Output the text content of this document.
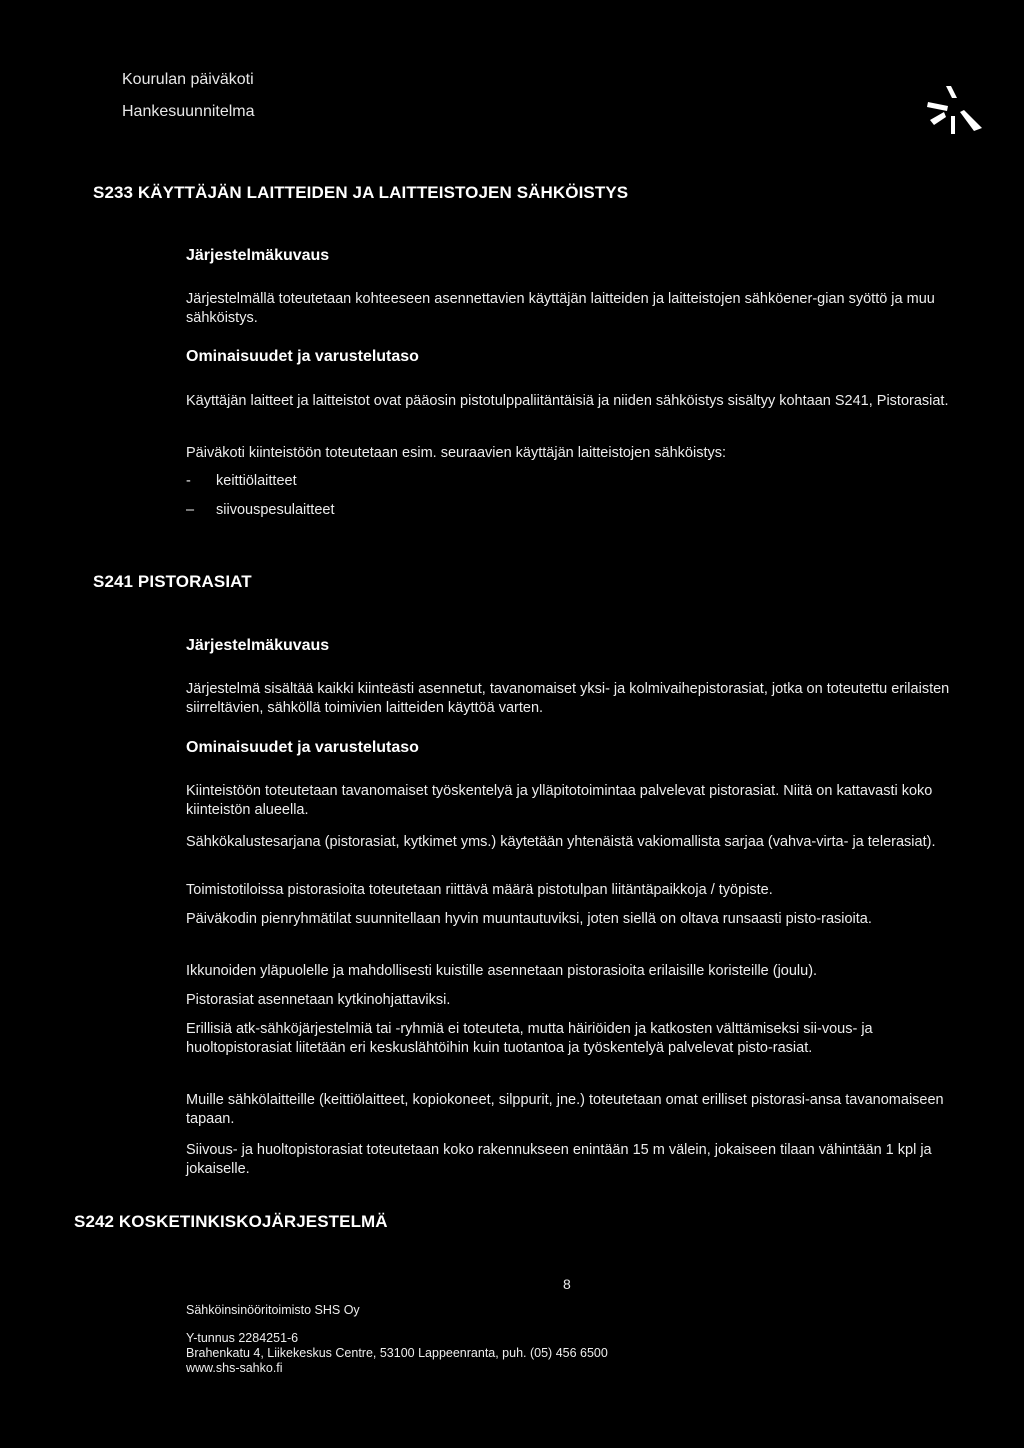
Kourulan päiväkoti
Hankesuunnitelma
S233 KÄYTTÄJÄN LAITTEIDEN JA LAITTEISTOJEN SÄHKÖISTYS
Järjestelmäkuvaus
Järjestelmällä toteutetaan kohteeseen asennettavien käyttäjän laitteiden ja laitteistojen sähköener-gian syöttö ja muu sähköistys.
Ominaisuudet ja varustelutaso
Käyttäjän laitteet ja laitteistot ovat pääosin pistotulppaliitäntäisiä ja niiden sähköistys sisältyy kohtaan S241, Pistorasiat.
Päiväkoti kiinteistöön toteutetaan esim. seuraavien käyttäjän laitteistojen sähköistys:
- keittiölaitteet
– siivouspesulaitteet
S241 PISTORASIAT
Järjestelmäkuvaus
Järjestelmä sisältää kaikki kiinteästi asennetut, tavanomaiset yksi- ja kolmivaihepistorasiat, jotka on toteutettu erilaisten siirreltävien, sähköllä toimivien laitteiden käyttöä varten.
Ominaisuudet ja varustelutaso
Kiinteistöön toteutetaan tavanomaiset työskentelyä ja ylläpitotoimintaa palvelevat pistorasiat. Niitä on kattavasti koko kiinteistön alueella.
Sähkökalustesarjana (pistorasiat, kytkimet yms.) käytetään yhtenäistä vakiomallista sarjaa (vahva-virta- ja telerasiat).
Toimistotiloissa pistorasioita toteutetaan riittävä määrä pistotulpan liitäntäpaikkoja / työpiste.
Päiväkodin pienryhmätilat suunnitellaan hyvin muuntautuviksi, joten siellä on oltava runsaasti pisto-rasioita.
Ikkunoiden yläpuolelle ja mahdollisesti kuistille asennetaan pistorasioita erilaisille koristeille (joulu).
Pistorasiat asennetaan kytkinohjattaviksi.
Erillisiä atk-sähköjärjestelmiä tai -ryhmiä ei toteuteta, mutta häiriöiden ja katkosten välttämiseksi sii-vous- ja huoltopistorasiat liitetään eri keskuslähtöihin kuin tuotantoa ja työskentelyä palvelevat pisto-rasiat.
Muille sähkölaitteille (keittiölaitteet, kopiokoneet, silppurit, jne.) toteutetaan omat erilliset pistorasi-ansa tavanomaiseen tapaan.
Siivous- ja huoltopistorasiat toteutetaan koko rakennukseen enintään 15 m välein, jokaiseen tilaan vähintään 1 kpl ja jokaiselle.
S242 KOSKETINKISKOJÄRJESTELMÄ
8
Sähköinsinööritoimisto SHS Oy
Y-tunnus 2284251-6
Brahenkatu 4, Liikekeskus Centre, 53100 Lappeenranta, puh. (05) 456 6500
www.shs-sahko.fi
